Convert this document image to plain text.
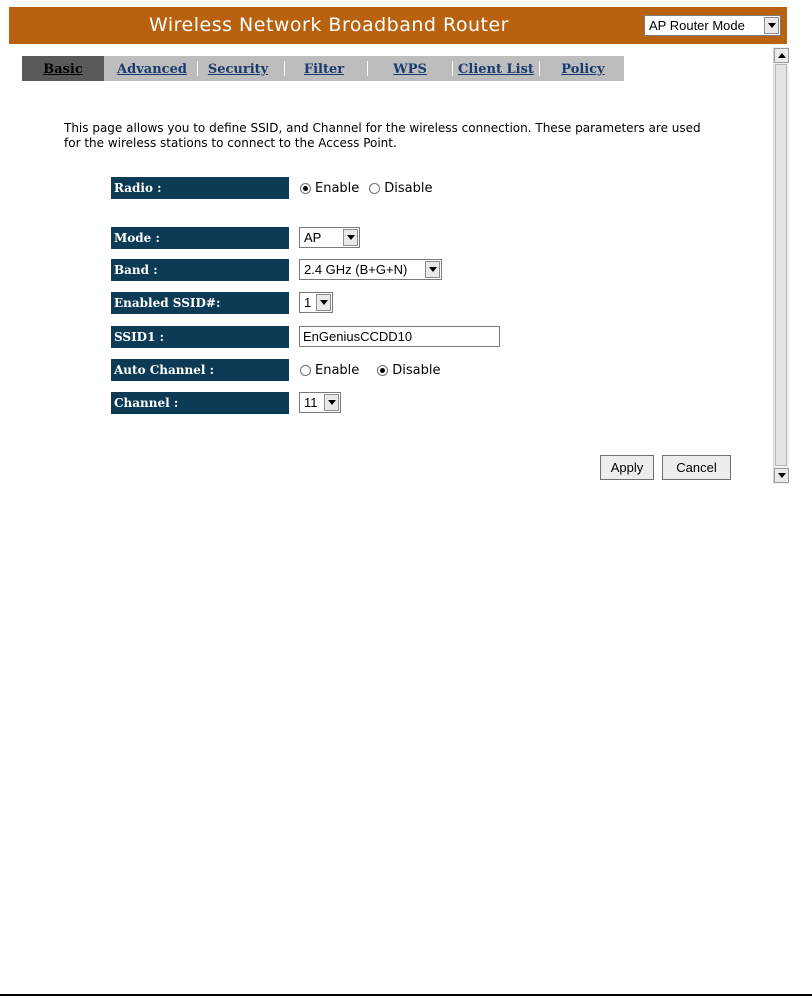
Wireless Network Broadband Router	AP Router Mode
Basic	Advanced	Security	Filter	WPS	Client List	Policy
This page allows you to define SSID, and Channel for the wireless connection. These parameters are used for the wireless stations to connect to the Access Point.
Radio :	Enable Disable
Mode :	AP
Band :	2.4 GHz (B+G+N)
Enabled SSID#:	1
SSID1 :	EnGeniusCCDD10
Auto Channel :	Enable	Disable
Channel :	11
Apply	Cancel
